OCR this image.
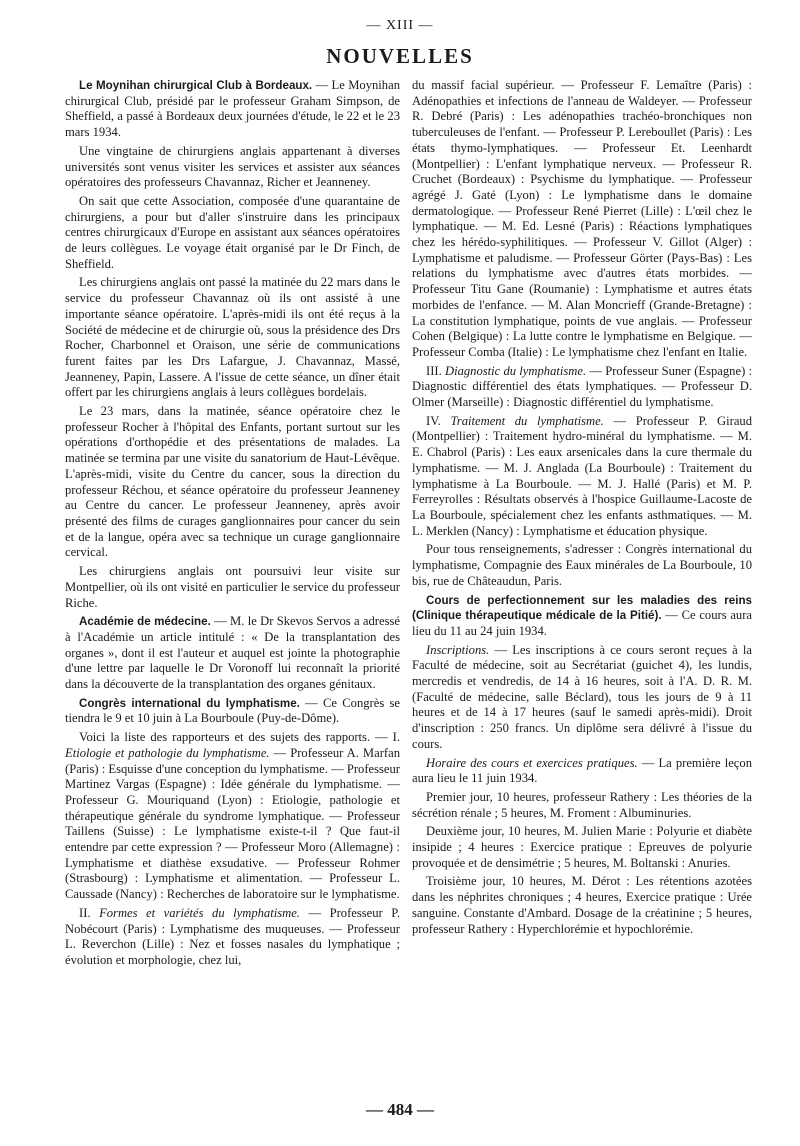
— XIII —
NOUVELLES

Le Moynihan chirurgical Club à Bordeaux. — Le Moynihan chirurgical Club, présidé par le professeur Graham Simpson, de Sheffield, a passé à Bordeaux deux journées d'étude, le 22 et le 23 mars 1934.

Une vingtaine de chirurgiens anglais appartenant à diverses universités sont venus visiter les services et assister aux séances opératoires des professeurs Chavannaz, Richer et Jeanneney.

On sait que cette Association, composée d'une quarantaine de chirurgiens, a pour but d'aller s'instruire dans les principaux centres chirurgicaux d'Europe en assistant aux séances opératoires de leurs collègues. Le voyage était organisé par le Dr Finch, de Sheffield.

Les chirurgiens anglais ont passé la matinée du 22 mars dans le service du professeur Chavannaz où ils ont assisté à une importante séance opératoire. L'après-midi ils ont été reçus à la Société de médecine et de chirurgie où, sous la présidence des Drs Rocher, Charbonnel et Oraison, une série de communications furent faites par les Drs Lafargue, J. Chavannaz, Massé, Jeanneney, Papin, Lassere. A l'issue de cette séance, un dîner était offert par les chirurgiens anglais à leurs collègues bordelais.

Le 23 mars, dans la matinée, séance opératoire chez le professeur Rocher à l'hôpital des Enfants, portant surtout sur les opérations d'orthopédie et des présentations de malades. La matinée se termina par une visite du sanatorium de Haut-Lévêque. L'après-midi, visite du Centre du cancer, sous la direction du professeur Réchou, et séance opératoire du professeur Jeanneney au Centre du cancer. Le professeur Jeanneney, après avoir présenté des films de curages ganglionnaires pour cancer du sein et de la langue, opéra avec sa technique un curage ganglionnaire cervical.

Les chirurgiens anglais ont poursuivi leur visite sur Montpellier, où ils ont visité en particulier le service du professeur Riche.

Académie de médecine. — M. le Dr Skevos Servos a adressé à l'Académie un article intitulé : « De la transplantation des organes », dont il est l'auteur et auquel est jointe la photographie d'une lettre par laquelle le Dr Voronoff lui reconnaît la priorité dans la découverte de la transplantation des organes génitaux.

Congrès international du lymphatisme. — Ce Congrès se tiendra le 9 et 10 juin à La Bourboule (Puy-de-Dôme).

Voici la liste des rapporteurs et des sujets des rapports. — I. Etiologie et pathologie du lymphatisme. — Professeur A. Marfan (Paris) : Esquisse d'une conception du lymphatisme. — Professeur Martinez Vargas (Espagne) : Idée générale du lymphatisme. — Professeur G. Mouriquand (Lyon) : Etiologie, pathologie et thérapeutique générale du syndrome lymphatique. — Professeur Taillens (Suisse) : Le lymphatisme existe-t-il ? Que faut-il entendre par cette expression ? — Professeur Moro (Allemagne) : Lymphatisme et diathèse exsudative. — Professeur Rohmer (Strasbourg) : Lymphatisme et alimentation. — Professeur L. Caussade (Nancy) : Recherches de laboratoire sur le lymphatisme.

II. Formes et variétés du lymphatisme. — Professeur P. Nobécourt (Paris) : Lymphatisme des muqueuses. — Professeur L. Reverchon (Lille) : Nez et fosses nasales du lymphatique ; évolution et morphologie, chez lui,

du massif facial supérieur. — Professeur F. Lemaître (Paris) : Adénopathies et infections de l'anneau de Waldeyer. — Professeur R. Debré (Paris) : Les adénopathies trachéo-bronchiques non tuberculeuses de l'enfant. — Professeur P. Lereboullet (Paris) : Les états thymo-lymphatiques. — Professeur Et. Leenhardt (Montpellier) : L'enfant lymphatique nerveux. — Professeur R. Cruchet (Bordeaux) : Psychisme du lymphatique. — Professeur agrégé J. Gaté (Lyon) : Le lymphatisme dans le domaine dermatologique. — Professeur René Pierret (Lille) : L'œil chez le lymphatique. — M. Ed. Lesné (Paris) : Réactions lymphatiques chez les hérédo-syphilitiques. — Professeur V. Gillot (Alger) : Lymphatisme et paludisme. — Professeur Görter (Pays-Bas) : Les relations du lymphatisme avec d'autres états morbides. — Professeur Titu Gane (Roumanie) : Lymphatisme et autres états morbides de l'enfance. — M. Alan Moncrieff (Grande-Bretagne) : La constitution lymphatique, points de vue anglais. — Professeur Cohen (Belgique) : La lutte contre le lymphatisme en Belgique. — Professeur Comba (Italie) : Le lymphatisme chez l'enfant en Italie.

III. Diagnostic du lymphatisme. — Professeur Suner (Espagne) : Diagnostic différentiel des états lymphatiques. — Professeur D. Olmer (Marseille) : Diagnostic différentiel du lymphatisme.

IV. Traitement du lymphatisme. — Professeur P. Giraud (Montpellier) : Traitement hydro-minéral du lymphatisme. — M. E. Chabrol (Paris) : Les eaux arsenicales dans la cure thermale du lymphatisme. — M. J. Anglada (La Bourboule) : Traitement du lymphatisme à La Bourboule. — M. J. Hallé (Paris) et M. P. Ferreyrolles : Résultats observés à l'hospice Guillaume-Lacoste de La Bourboule, spécialement chez les enfants asthmatiques. — M. L. Merklen (Nancy) : Lymphatisme et éducation physique.

Pour tous renseignements, s'adresser : Congrès international du lymphatisme, Compagnie des Eaux minérales de La Bourboule, 10 bis, rue de Châteaudun, Paris.

Cours de perfectionnement sur les maladies des reins (Clinique thérapeutique médicale de la Pitié). — Ce cours aura lieu du 11 au 24 juin 1934.

Inscriptions. — Les inscriptions à ce cours seront reçues à la Faculté de médecine, soit au Secrétariat (guichet 4), les lundis, mercredis et vendredis, de 14 à 16 heures, soit à l'A. D. R. M. (Faculté de médecine, salle Béclard), tous les jours de 9 à 11 heures et de 14 à 17 heures (sauf le samedi après-midi). Droit d'inscription : 250 francs. Un diplôme sera délivré à l'issue du cours.

Horaire des cours et exercices pratiques. — La première leçon aura lieu le 11 juin 1934.

Premier jour, 10 heures, professeur Rathery : Les théories de la sécrétion rénale ; 5 heures, M. Froment : Albuminuries.

Deuxième jour, 10 heures, M. Julien Marie : Polyurie et diabète insipide ; 4 heures : Exercice pratique : Epreuves de polyurie provoquée et de densimétrie ; 5 heures, M. Boltanski : Anuries.

Troisième jour, 10 heures, M. Dérot : Les rétentions azotées dans les néphrites chroniques ; 4 heures, Exercice pratique : Urée sanguine. Constante d'Ambard. Dosage de la créatinine ; 5 heures, professeur Rathery : Hyperchlorémie et hypochlorémie.

— 484 —
